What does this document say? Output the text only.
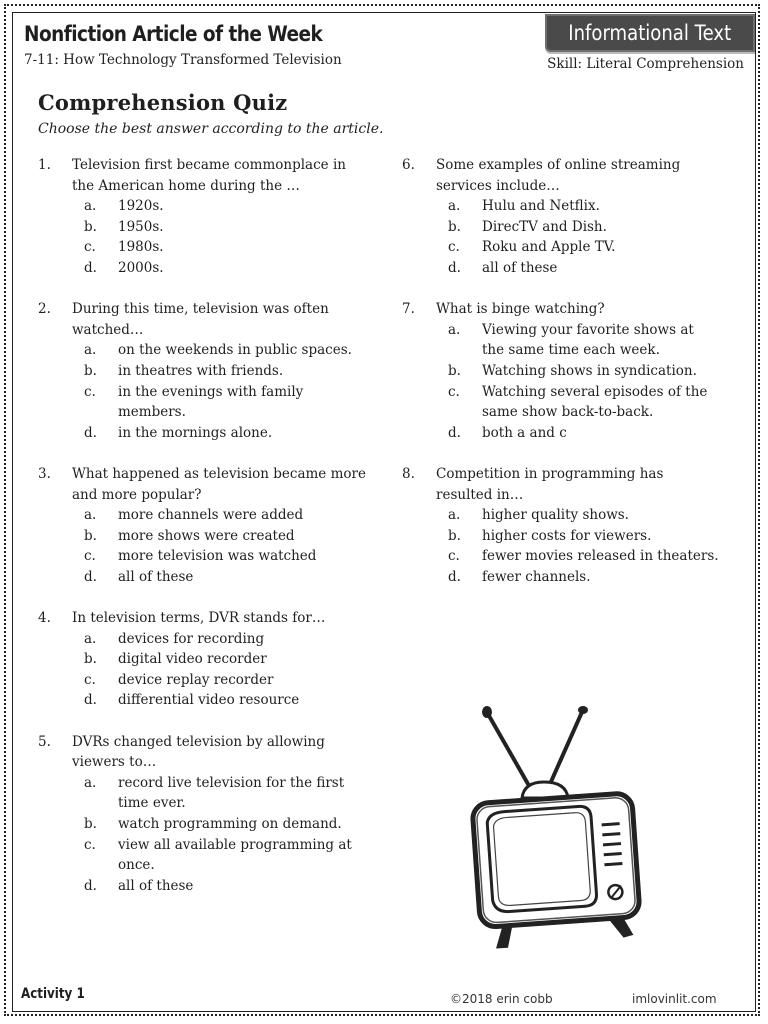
Nonfiction Article of the Week
7-11: How Technology Transformed Television
Informational Text
Skill: Literal Comprehension
Comprehension Quiz
Choose the best answer according to the article.
1.	Television first became commonplace in
the American home during the …
a.	1920s.
b.	1950s.
c.	1980s.
d.	2000s.
2.	During this time, television was often
watched…
a.	on the weekends in public spaces.
b.	in theatres with friends.
c.	in the evenings with family
members.
d.	in the mornings alone.
3.	What happened as television became more
and more popular?
a.	more channels were added
b.	more shows were created
c.	more television was watched
d.	all of these
4.	In television terms, DVR stands for…
a.	devices for recording
b.	digital video recorder
c.	device replay recorder
d.	differential video resource
5.	DVRs changed television by allowing
viewers to…
a.	record live television for the first
time ever.
b.	watch programming on demand.
c.	view all available programming at
once.
d.	all of these
6.	Some examples of online streaming
services include…
a.	Hulu and Netflix.
b.	DirecTV and Dish.
c.	Roku and Apple TV.
d.	all of these
7.	What is binge watching?
a.	Viewing your favorite shows at
the same time each week.
b.	Watching shows in syndication.
c.	Watching several episodes of the
same show back-to-back.
d.	both a and c
8.	Competition in programming has
resulted in…
a.	higher quality shows.
b.	higher costs for viewers.
c.	fewer movies released in theaters.
d.	fewer channels.
Activity 1	©2018 erin cobb	imlovinlit.com
